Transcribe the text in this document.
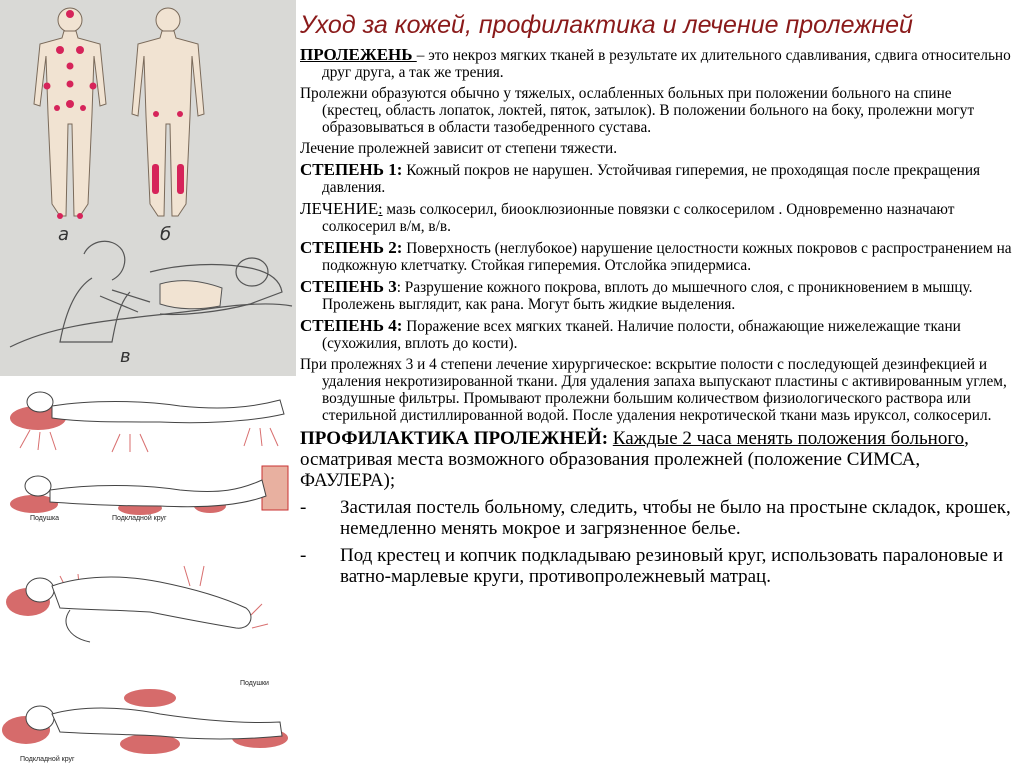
а	б
в
Подушка	Подкладной круг
Подушки
Подкладной круг
Уход за кожей, профилактика и лечение пролежней

ПРОЛЕЖЕНЬ – это некроз мягких тканей в результате их длительного сдавливания, сдвига относительно друг друга, а так же трения.

Пролежни образуются обычно у тяжелых, ослабленных больных при положении больного на спине (крестец, область лопаток, локтей, пяток, затылок). В положении больного на боку, пролежни могут образовываться в области тазобедренного сустава.

Лечение пролежней зависит от степени тяжести.

СТЕПЕНЬ 1: Кожный покров не нарушен. Устойчивая гиперемия, не проходящая после прекращения давления.

ЛЕЧЕНИЕ: мазь солкосерил, биооклюзионные повязки с солкосерилом . Одновременно назначают солкосерил в/м, в/в.

СТЕПЕНЬ 2: Поверхность (неглубокое) нарушение целостности кожных покровов с распространением на подкожную клетчатку. Стойкая гиперемия. Отслойка эпидермиса.

СТЕПЕНЬ 3: Разрушение кожного покрова, вплоть до мышечного слоя, с проникновением в мышцу. Пролежень выглядит, как рана. Могут быть жидкие выделения.

СТЕПЕНЬ 4: Поражение всех мягких тканей. Наличие полости, обнажающие нижележащие ткани (сухожилия, вплоть до кости).

При пролежнях 3 и 4 степени лечение хирургическое: вскрытие полости с последующей дезинфекцией и удаления некротизированной ткани. Для удаления запаха выпускают пластины с активированным углем, воздушные фильтры. Промывают пролежни большим количеством физиологического раствора или стерильной дистиллированной водой. После удаления некротической ткани мазь ируксол, солкосерил.

ПРОФИЛАКТИКА ПРОЛЕЖНЕЙ: Каждые 2 часа менять положения больного, осматривая места возможного образования пролежней (положение СИМСА, ФАУЛЕРА);

- Застилая постель больному, следить, чтобы не было на простыне складок, крошек, немедленно менять мокрое и загрязненное белье.
- Под крестец и копчик подкладываю резиновый круг, использовать паралоновые и ватно-марлевые круги, противопролежневый матрац.
